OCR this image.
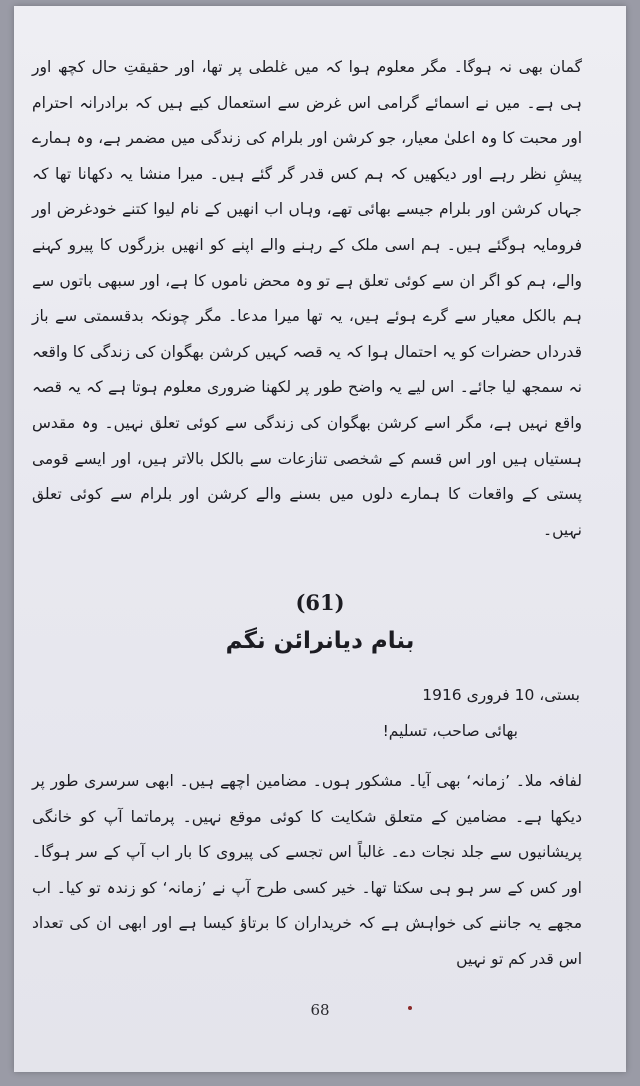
گمان بھی نہ ہوگا۔ مگر معلوم ہوا کہ میں غلطی پر تھا، اور حقیقتِ حال کچھ اور ہی ہے۔ میں نے اسمائے گرامی اس غرض سے استعمال کیے ہیں کہ برادرانہ احترام اور محبت کا وہ اعلیٰ معیار، جو کرشن اور بلرام کی زندگی میں مضمر ہے، وہ ہمارے پیشِ نظر رہے اور دیکھیں کہ ہم کس قدر گر گئے ہیں۔ میرا منشا یہ دکھانا تھا کہ جہاں کرشن اور بلرام جیسے بھائی تھے، وہاں اب انھیں کے نام لیوا کتنے خودغرض اور فرومایہ ہوگئے ہیں۔ ہم اسی ملک کے رہنے والے اپنے کو انھیں بزرگوں کا پیرو کہنے والے، ہم کو اگر ان سے کوئی تعلق ہے تو وہ محض ناموں کا ہے، اور سبھی باتوں سے ہم بالکل معیار سے گرے ہوئے ہیں، یہ تھا میرا مدعا۔ مگر چونکہ بدقسمتی سے باز قدرداں حضرات کو یہ احتمال ہوا کہ یہ قصہ کہیں کرشن بھگوان کی زندگی کا واقعہ نہ سمجھ لیا جائے۔ اس لیے یہ واضح طور پر لکھنا ضروری معلوم ہوتا ہے کہ یہ قصہ واقع نہیں ہے، مگر اسے کرشن بھگوان کی زندگی سے کوئی تعلق نہیں۔ وہ مقدس ہستیاں ہیں اور اس قسم کے شخصی تنازعات سے بالکل بالاتر ہیں، اور ایسے قومی پستی کے واقعات کا ہمارے دلوں میں بسنے والے کرشن اور بلرام سے کوئی تعلق نہیں۔

(61)
بنام دیانرائن نگم
بستی، 10 فروری 1916
بھائی صاحب، تسلیم!

لفافہ ملا۔ ’زمانہ‘ بھی آیا۔ مشکور ہوں۔ مضامین اچھے ہیں۔ ابھی سرسری طور پر دیکھا ہے۔ مضامین کے متعلق شکایت کا کوئی موقع نہیں۔ پرماتما آپ کو خانگی پریشانیوں سے جلد نجات دے۔ غالباً اس تجسے کی پیروی کا بار اب آپ کے سر ہوگا۔ اور کس کے سر ہو ہی سکتا تھا۔ خیر کسی طرح آپ نے ’زمانہ‘ کو زندہ تو کیا۔ اب مجھے یہ جاننے کی خواہش ہے کہ خریداران کا برتاؤ کیسا ہے اور ابھی ان کی تعداد اس قدر کم تو نہیں

68
